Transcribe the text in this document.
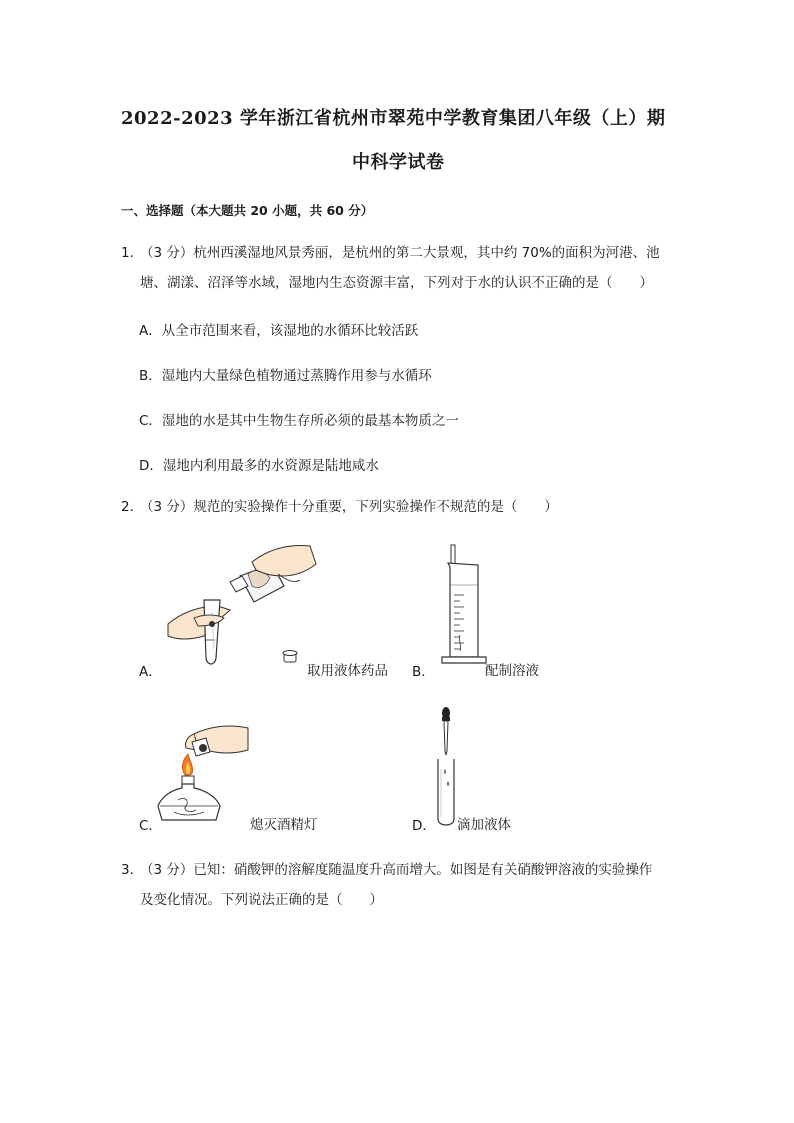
2022-2023 学年浙江省杭州市翠苑中学教育集团八年级（上）期
中科学试卷
一、选择题（本大题共 20 小题，共 60 分）
1．
（3 分）杭州西溪湿地风景秀丽，是杭州的第二大景观，其中约 70%的面积为河港、池
塘、湖漾、沼泽等水域，湿地内生态资源丰富，下列对于水的认识不正确的是（　　）
A．从全市范围来看，该湿地的水循环比较活跃
B．湿地内大量绿色植物通过蒸腾作用参与水循环
C．湿地的水是其中生物生存所必须的最基本物质之一
D．湿地内利用最多的水资源是陆地咸水
2．
（3 分）规范的实验操作十分重要，下列实验操作不规范的是（　　）
A．	取用液体药品 B．	配制溶液
C．	熄灭酒精灯	D． 滴加液体
3．
（3 分）已知：硝酸钾的溶解度随温度升高而增大。如图是有关硝酸钾溶液的实验操作
及变化情况。下列说法正确的是（　　）
